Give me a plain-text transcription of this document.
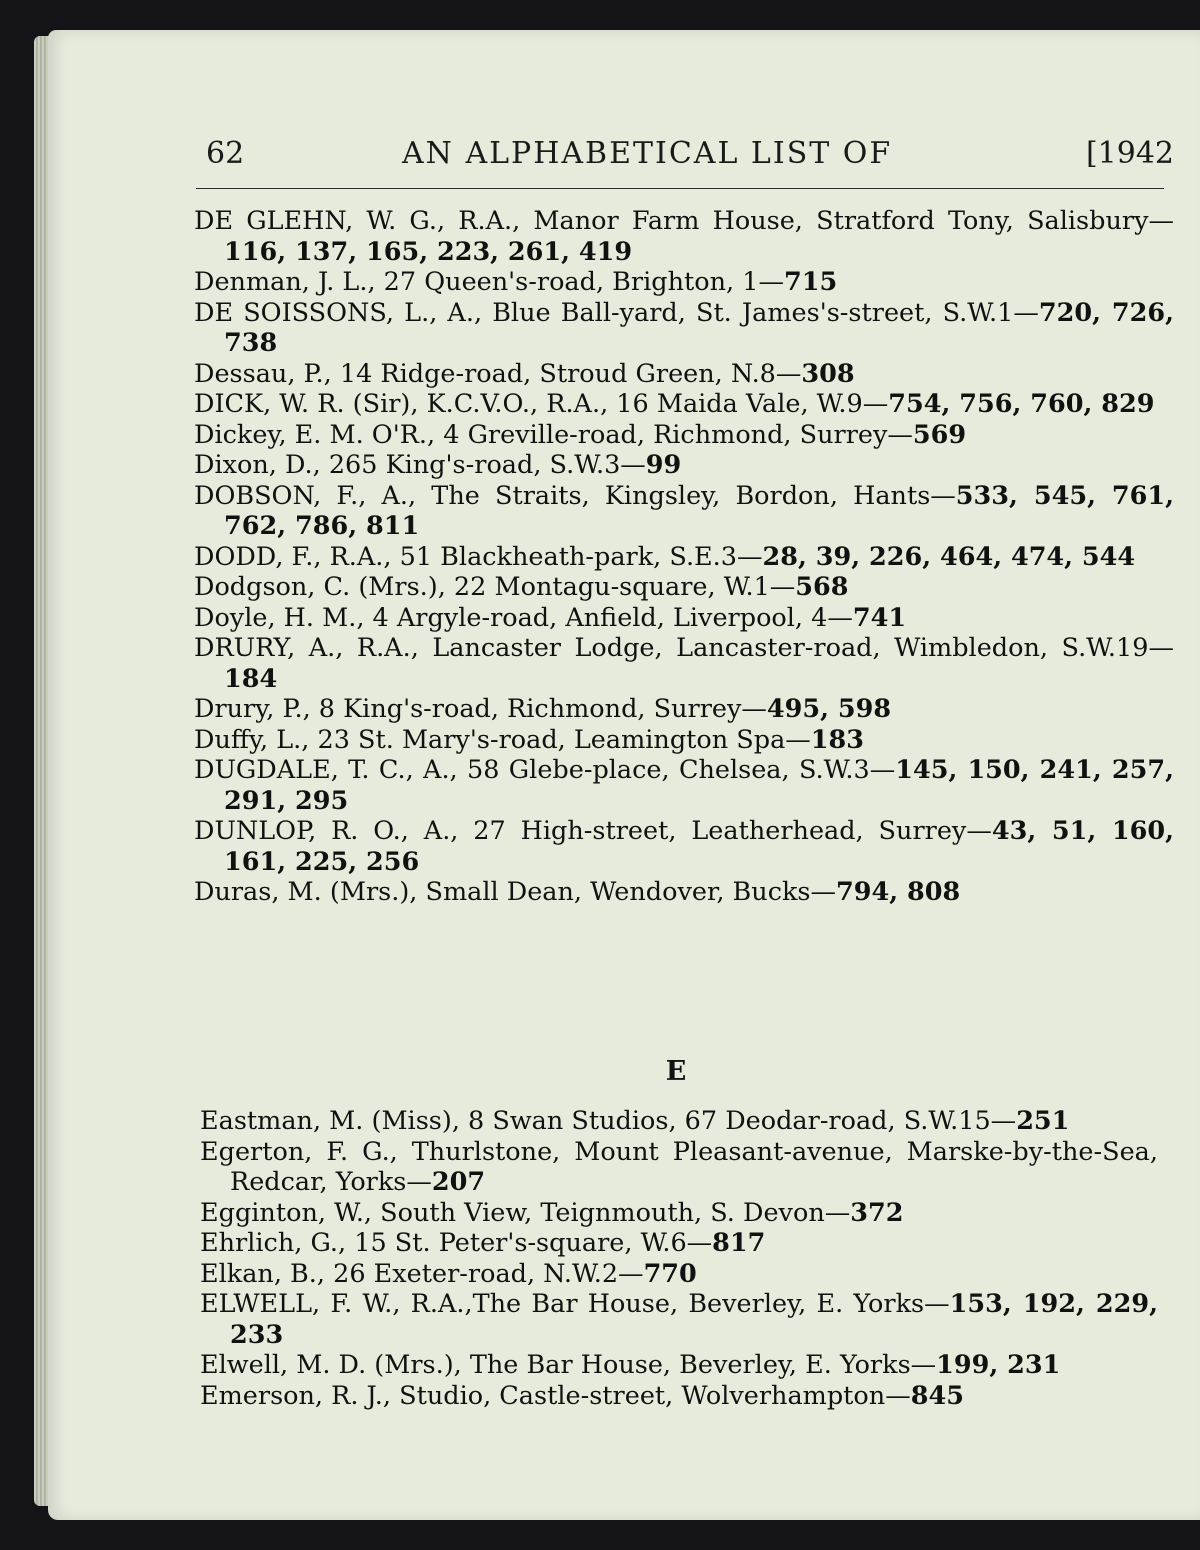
62	AN ALPHABETICAL LIST OF	[1942
DE GLEHN, W. G., R.A., Manor Farm House, Stratford Tony, Salisbury—116, 137, 165, 223, 261, 419
Denman, J. L., 27 Queen's-road, Brighton, 1—715
DE SOISSONS, L., A., Blue Ball-yard, St. James's-street, S.W.1—720, 726, 738
Dessau, P., 14 Ridge-road, Stroud Green, N.8—308
DICK, W. R. (Sir), K.C.V.O., R.A., 16 Maida Vale, W.9—754, 756, 760, 829
Dickey, E. M. O'R., 4 Greville-road, Richmond, Surrey—569
Dixon, D., 265 King's-road, S.W.3—99
DOBSON, F., A., The Straits, Kingsley, Bordon, Hants—533, 545, 761, 762, 786, 811
DODD, F., R.A., 51 Blackheath-park, S.E.3—28, 39, 226, 464, 474, 544
Dodgson, C. (Mrs.), 22 Montagu-square, W.1—568
Doyle, H. M., 4 Argyle-road, Anfield, Liverpool, 4—741
DRURY, A., R.A., Lancaster Lodge, Lancaster-road, Wimbledon, S.W.19—184
Drury, P., 8 King's-road, Richmond, Surrey—495, 598
Duffy, L., 23 St. Mary's-road, Leamington Spa—183
DUGDALE, T. C., A., 58 Glebe-place, Chelsea, S.W.3—145, 150, 241, 257, 291, 295
DUNLOP, R. O., A., 27 High-street, Leatherhead, Surrey—43, 51, 160, 161, 225, 256
Duras, M. (Mrs.), Small Dean, Wendover, Bucks—794, 808
E
Eastman, M. (Miss), 8 Swan Studios, 67 Deodar-road, S.W.15—251
Egerton, F. G., Thurlstone, Mount Pleasant-avenue, Marske-by-the-Sea, Redcar, Yorks—207
Egginton, W., South View, Teignmouth, S. Devon—372
Ehrlich, G., 15 St. Peter's-square, W.6—817
Elkan, B., 26 Exeter-road, N.W.2—770
ELWELL, F. W., R.A.,The Bar House, Beverley, E. Yorks—153, 192, 229, 233
Elwell, M. D. (Mrs.), The Bar House, Beverley, E. Yorks—199, 231
Emerson, R. J., Studio, Castle-street, Wolverhampton—845
